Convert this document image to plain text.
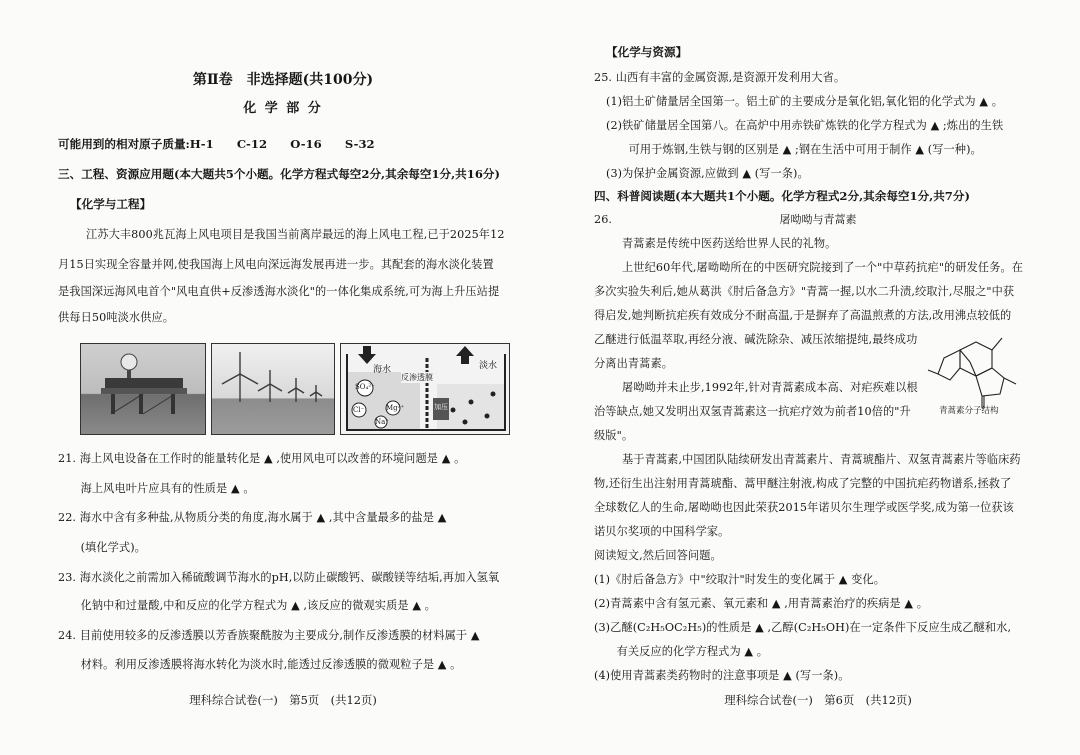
第Ⅱ卷　非选择题(共100分)
化 学 部 分
可能用到的相对原子质量:H-1　　C-12　　O-16　　S-32
三、工程、资源应用题(本大题共5个小题。化学方程式每空2分,其余每空1分,共16分)
【化学与工程】
江苏大丰800兆瓦海上风电项目是我国当前离岸最远的海上风电工程,已于2025年12
月15日实现全容量并网,使我国海上风电向深远海发展再进一步。其配套的海水淡化装置
是我国深远海风电首个"风电直供+反渗透海水淡化"的一体化集成系统,可为海上升压站提
供每日50吨淡水供应。
海水	淡水
反渗透膜
加压
SO₄²⁻
Cl⁻	Mg²⁺
Na⁺
21. 海上风电设备在工作时的能量转化是 ▲ ,使用风电可以改善的环境问题是 ▲ 。
　　海上风电叶片应具有的性质是 ▲ 。
22. 海水中含有多种盐,从物质分类的角度,海水属于 ▲ ,其中含量最多的盐是 ▲
　　(填化学式)。
23. 海水淡化之前需加入稀硫酸调节海水的pH,以防止碳酸钙、碳酸镁等结垢,再加入氢氧
　　化钠中和过量酸,中和反应的化学方程式为 ▲ ,该反应的微观实质是 ▲ 。
24. 目前使用较多的反渗透膜以芳香族聚酰胺为主要成分,制作反渗透膜的材料属于 ▲
　　材料。利用反渗透膜将海水转化为淡水时,能透过反渗透膜的微观粒子是 ▲ 。
理科综合试卷(一)　第5页　(共12页)
【化学与资源】
25. 山西有丰富的金属资源,是资源开发利用大省。
(1)铝土矿储量居全国第一。铝土矿的主要成分是氧化铝,氧化铝的化学式为 ▲ 。
(2)铁矿储量居全国第八。在高炉中用赤铁矿炼铁的化学方程式为 ▲ ;炼出的生铁
　　可用于炼钢,生铁与钢的区别是 ▲ ;钢在生活中可用于制作 ▲ (写一种)。
(3)为保护金属资源,应做到 ▲ (写一条)。
四、科普阅读题(本大题共1个小题。化学方程式2分,其余每空1分,共7分)
26.	屠呦呦与青蒿素
青蒿素是传统中医药送给世界人民的礼物。
上世纪60年代,屠呦呦所在的中医研究院接到了一个"中草药抗疟"的研发任务。在
多次实验失利后,她从葛洪《肘后备急方》"青蒿一握,以水二升渍,绞取汁,尽服之"中获
得启发,她判断抗疟疾有效成分不耐高温,于是摒弃了高温煎煮的方法,改用沸点较低的
乙醚进行低温萃取,再经分液、碱洗除杂、减压浓缩提纯,最终成功
分离出青蒿素。
屠呦呦并未止步,1992年,针对青蒿素成本高、对疟疾难以根
治等缺点,她又发明出双氢青蒿素这一抗疟疗效为前者10倍的"升
级版"。
基于青蒿素,中国团队陆续研发出青蒿素片、青蒿琥酯片、双氢青蒿素片等临床药
物,还衍生出注射用青蒿琥酯、蒿甲醚注射液,构成了完整的中国抗疟药物谱系,拯救了
全球数亿人的生命,屠呦呦也因此荣获2015年诺贝尔生理学或医学奖,成为第一位获该
诺贝尔奖项的中国科学家。
青蒿素分子结构
阅读短文,然后回答问题。
(1)《肘后备急方》中"绞取汁"时发生的变化属于 ▲ 变化。
(2)青蒿素中含有氢元素、氧元素和 ▲ ,用青蒿素治疗的疾病是 ▲ 。
(3)乙醚(C₂H₅OC₂H₅)的性质是 ▲ ,乙醇(C₂H₅OH)在一定条件下反应生成乙醚和水,
　　有关反应的化学方程式为 ▲ 。
(4)使用青蒿素类药物时的注意事项是 ▲ (写一条)。
理科综合试卷(一)　第6页　(共12页)
